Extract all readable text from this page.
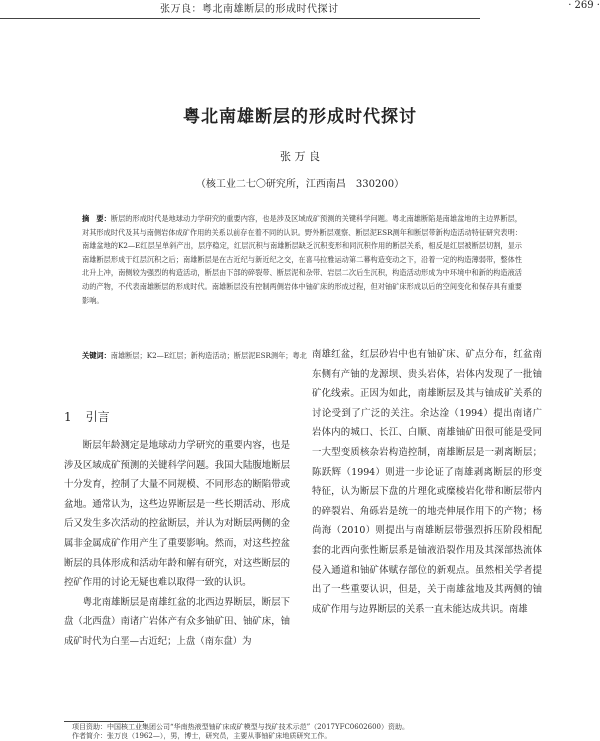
张万良：粤北南雄断层的形成时代探讨	· 269 ·
粤北南雄断层的形成时代探讨
张 万 良
（核工业二七〇研究所，江西南昌　330200）
摘　要：断层的形成时代是地球动力学研究的重要内容，也是涉及区域成矿预测的关键科学问题。粤北南雄断陷是南雄盆地的主边界断层，对其形成时代及其与南侧岩体成矿作用的关系以前存在着不同的认识。野外断层观察、断层泥ESR测年和断层带新构造活动特征研究表明：南雄盆地的K2—E红层呈单斜产出，层序稳定，红层沉积与南雄断层缺乏沉积变形和同沉积作用的断层关系，相反是红层被断层切割，显示南雄断层形成于红层沉积之后；南雄断层是在古近纪与新近纪之交，在喜马拉雅运动第二幕构造变动之下，沿着一定的构造薄弱带，整体性北升上冲，南侧较为强烈的构造活动，断层由下部的碎裂带、断层泥和杂带、岩层二次后生沉积，构造活动形成为中环境中和新的构造液活动的产物，不代表南雄断层的形成时代。南雄断层没有控制两侧岩体中铀矿床的形成过程，但对铀矿床形成以后的空间变化和保存具有重要影响。
关键词：南雄断层；K2—E红层；新构造活动；断层泥ESR测年；粤北
1 引言

断层年龄测定是地球动力学研究的重要内容，也是涉及区域成矿预测的关键科学问题。我国大陆腹地断层十分发育，控制了大量不同规模、不同形态的断陷带或盆地。通常认为，这些边界断层是一些长期活动、形成后又发生多次活动的控盆断层，并认为对断层两侧的金属非金属成矿作用产生了重要影响。然而，对这些控盆断层的具体形成和活动年龄和解有研究，对这些断层的控矿作用的讨论无疑也难以取得一致的认识。

粤北南雄断层是南雄红盆的北西边界断层，断层下盘（北西盘）南诸广岩体产有众多铀矿田、铀矿床，铀成矿时代为白垩—古近纪；上盘（南东盘）为

南雄红盆，红层砂岩中也有铀矿床、矿点分布，红盆南东侧有产铀的龙源坝、贵头岩体，岩体内发现了一批铀矿化线索。正因为如此，南雄断层及其与铀成矿关系的讨论受到了广泛的关注。余达淦（1994）提出南诸广岩体内的城口、长江、白顺、南雄铀矿田很可能是受同一大型变质核杂岩构造控制，南雄断层是一剥离断层；陈跃辉（1994）则进一步论证了南雄剥离断层的形变特征，认为断层下盘的片理化或糜棱岩化带和断层带内的碎裂岩、角砾岩是统一的地壳伸展作用下的产物；杨尚海（2010）则提出与南雄断层带强烈拆压阶段相配套的北西向张性断层系是铀液沿裂作用及其深部热流体侵入通道和铀矿体赋存部位的新观点。虽然相关学者提出了一些重要认识，但是，关于南雄盆地及其两侧的铀成矿作用与边界断层的关系一直未能达成共识。南雄

项目资助：中国核工业集团公司“华南热液型铀矿床成矿模型与找矿技术示范”（2017YFC0602600）资助。
作者简介：张万良（1962—），男，博士，研究员，主要从事铀矿床地质研究工作。
